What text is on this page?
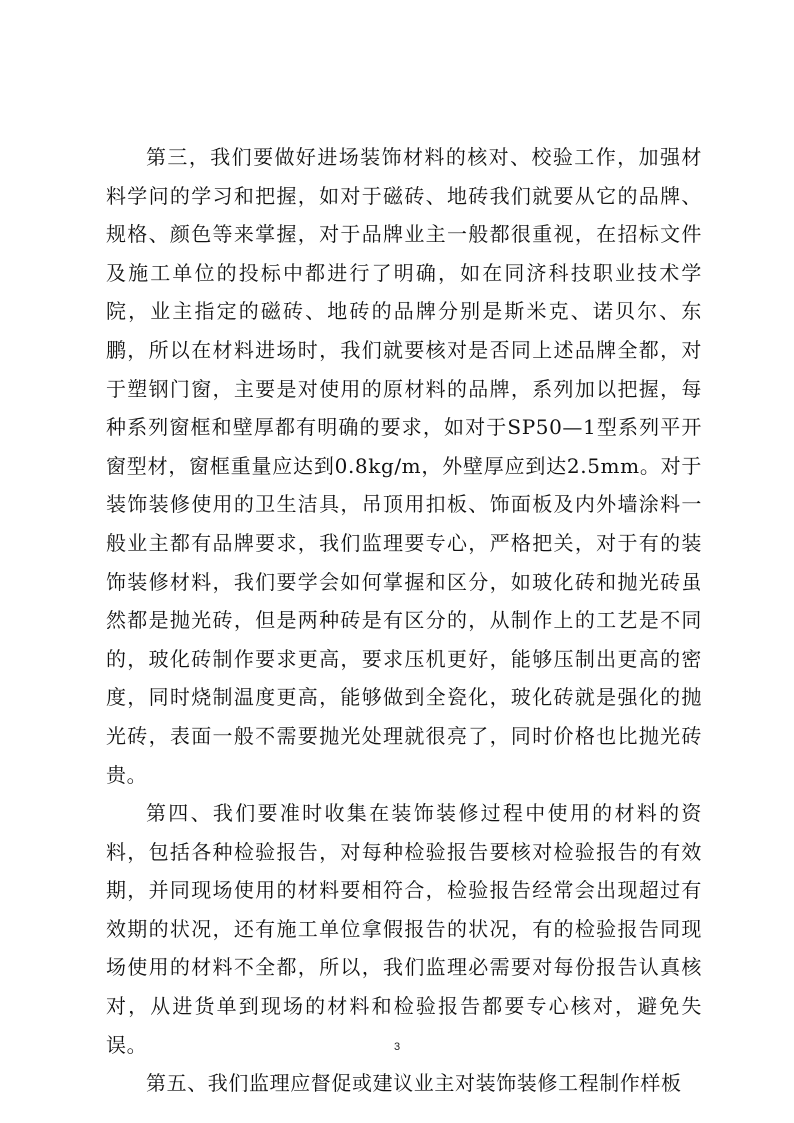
第三，我们要做好进场装饰材料的核对、校验工作，加强材料学问的学习和把握，如对于磁砖、地砖我们就要从它的品牌、规格、颜色等来掌握，对于品牌业主一般都很重视，在招标文件及施工单位的投标中都进行了明确，如在同济科技职业技术学院，业主指定的磁砖、地砖的品牌分别是斯米克、诺贝尔、东鹏，所以在材料进场时，我们就要核对是否同上述品牌全都，对于塑钢门窗，主要是对使用的原材料的品牌，系列加以把握，每种系列窗框和壁厚都有明确的要求，如对于SP50—1型系列平开窗型材，窗框重量应达到0.8kg/m，外壁厚应到达2.5mm。对于装饰装修使用的卫生洁具，吊顶用扣板、饰面板及内外墙涂料一般业主都有品牌要求，我们监理要专心，严格把关，对于有的装饰装修材料，我们要学会如何掌握和区分，如玻化砖和抛光砖虽然都是抛光砖，但是两种砖是有区分的，从制作上的工艺是不同的，玻化砖制作要求更高，要求压机更好，能够压制出更高的密度，同时烧制温度更高，能够做到全瓷化，玻化砖就是强化的抛光砖，表面一般不需要抛光处理就很亮了，同时价格也比抛光砖贵。

第四、我们要准时收集在装饰装修过程中使用的材料的资料，包括各种检验报告，对每种检验报告要核对检验报告的有效期，并同现场使用的材料要相符合，检验报告经常会出现超过有效期的状况，还有施工单位拿假报告的状况，有的检验报告同现场使用的材料不全都，所以，我们监理必需要对每份报告认真核对，从进货单到现场的材料和检验报告都要专心核对，避免失误。

第五、我们监理应督促或建议业主对装饰装修工程制作样板

3
